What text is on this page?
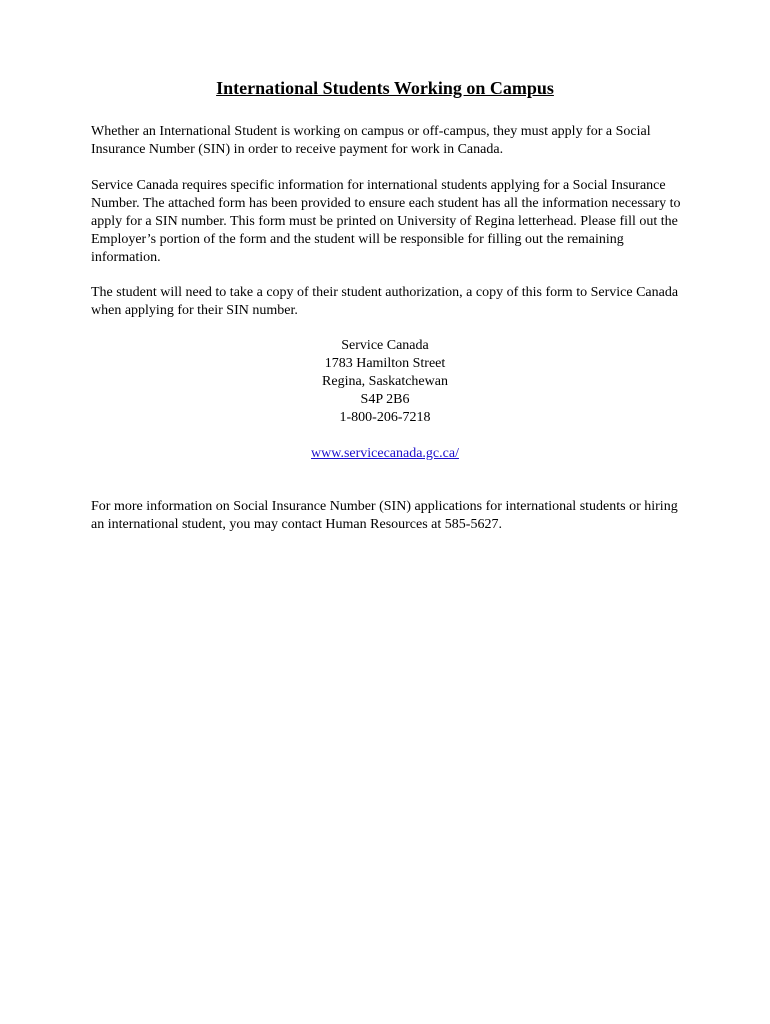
International Students Working on Campus

Whether an International Student is working on campus or off-campus, they must apply for a Social Insurance Number (SIN) in order to receive payment for work in Canada.

Service Canada requires specific information for international students applying for a Social Insurance Number. The attached form has been provided to ensure each student has all the information necessary to apply for a SIN number. This form must be printed on University of Regina letterhead. Please fill out the Employer’s portion of the form and the student will be responsible for filling out the remaining information.

The student will need to take a copy of their student authorization, a copy of this form to Service Canada when applying for their SIN number.

Service Canada
1783 Hamilton Street
Regina, Saskatchewan
S4P 2B6
1-800-206-7218
www.servicecanada.gc.ca/

For more information on Social Insurance Number (SIN) applications for international students or hiring an international student, you may contact Human Resources at 585-5627.
